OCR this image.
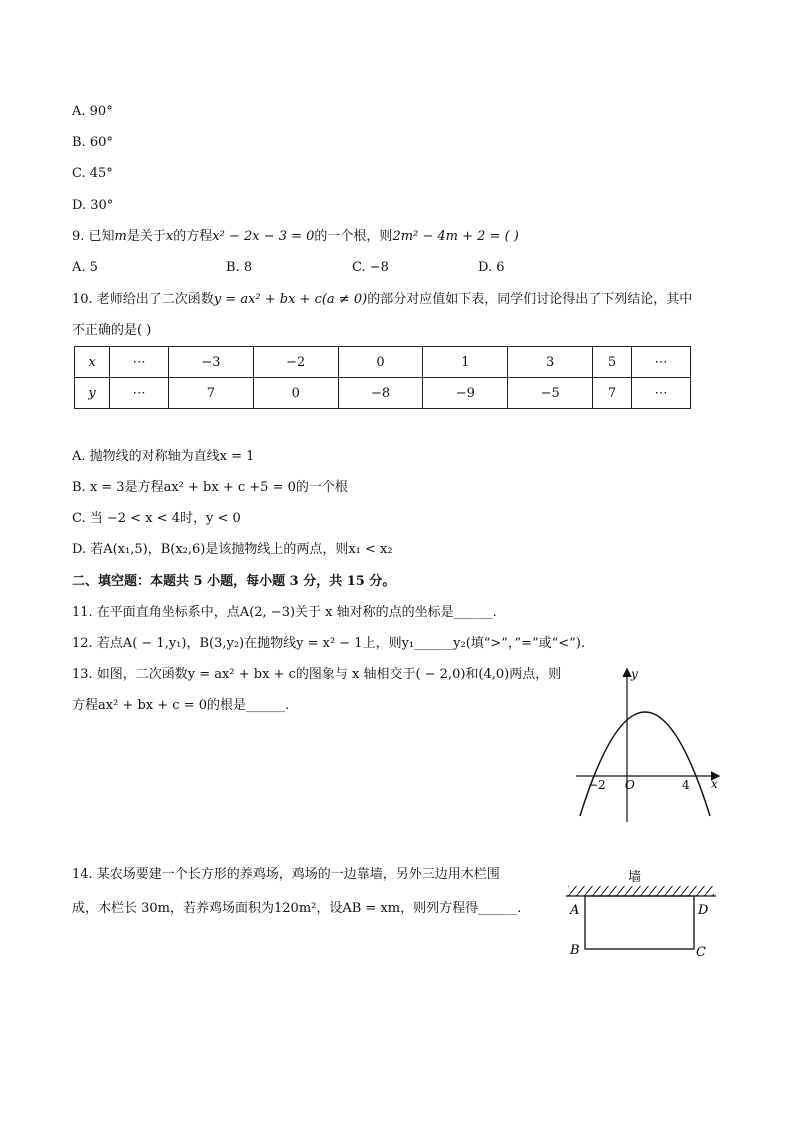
A. 90°
B. 60°
C. 45°
D. 30°
9. 已知m是关于x的方程x² − 2x − 3 = 0的一个根，则2m² − 4m + 2 = ( )
A. 5	B. 8	C. −8	D. 6
10. 老师给出了二次函数y = ax² + bx + c(a ≠ 0)的部分对应值如下表，同学们讨论得出了下列结论，其中
不正确的是( )
x	⋯	−3	−2	0	1	3	5	⋯
y	⋯	7	0	−8	−9	−5	7	⋯
A. 抛物线的对称轴为直线x = 1
B. x = 3是方程ax² + bx + c +5 = 0的一个根
C. 当 −2 < x < 4时，y < 0
D. 若A(x₁,5)，B(x₂,6)是该抛物线上的两点，则x₁ < x₂
二、填空题：本题共 5 小题，每小题 3 分，共 15 分。
11. 在平面直角坐标系中，点A(2, −3)关于 x 轴对称的点的坐标是______.
12. 若点A( − 1,y₁)，B(3,y₂)在抛物线y = x² − 1上，则y₁______y₂(填“>”，”=”或“<”).
13. 如图，二次函数y = ax² + bx + c的图象与 x 轴相交于( − 2,0)和(4,0)两点，则
方程ax² + bx + c = 0的根是______.
y
x
O
−2	4
14. 某农场要建一个长方形的养鸡场，鸡场的一边靠墙，另外三边用木栏围
成，木栏长 30m，若养鸡场面积为120m²，设AB = xm，则列方程得______.
墙
A	D
B	C
